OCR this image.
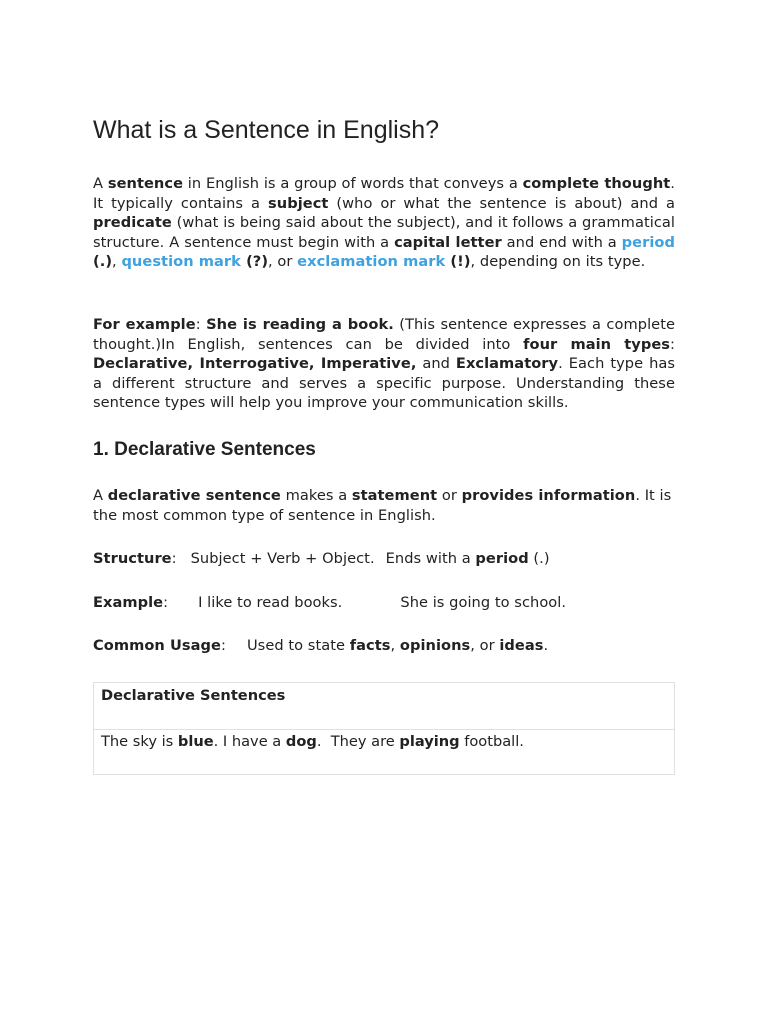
What is a Sentence in English?

A sentence in English is a group of words that conveys a complete thought. It typically contains a subject (who or what the sentence is about) and a predicate (what is being said about the subject), and it follows a grammatical structure. A sentence must begin with a capital letter and end with a period (.), question mark (?), or exclamation mark (!), depending on its type.

For example: She is reading a book. (This sentence expresses a complete thought.)In English, sentences can be divided into four main types: Declarative, Interrogative, Imperative, and Exclamatory. Each type has a different structure and serves a specific purpose. Understanding these sentence types will help you improve your communication skills.

1. Declarative Sentences

A declarative sentence makes a statement or provides information. It is the most common type of sentence in English.

Structure: Subject + Verb + Object. Ends with a period (.)

Example: I like to read books.	She is going to school.

Common Usage: Used to state facts, opinions, or ideas.

Declarative Sentences
The sky is blue. I have a dog.  They are playing football.
